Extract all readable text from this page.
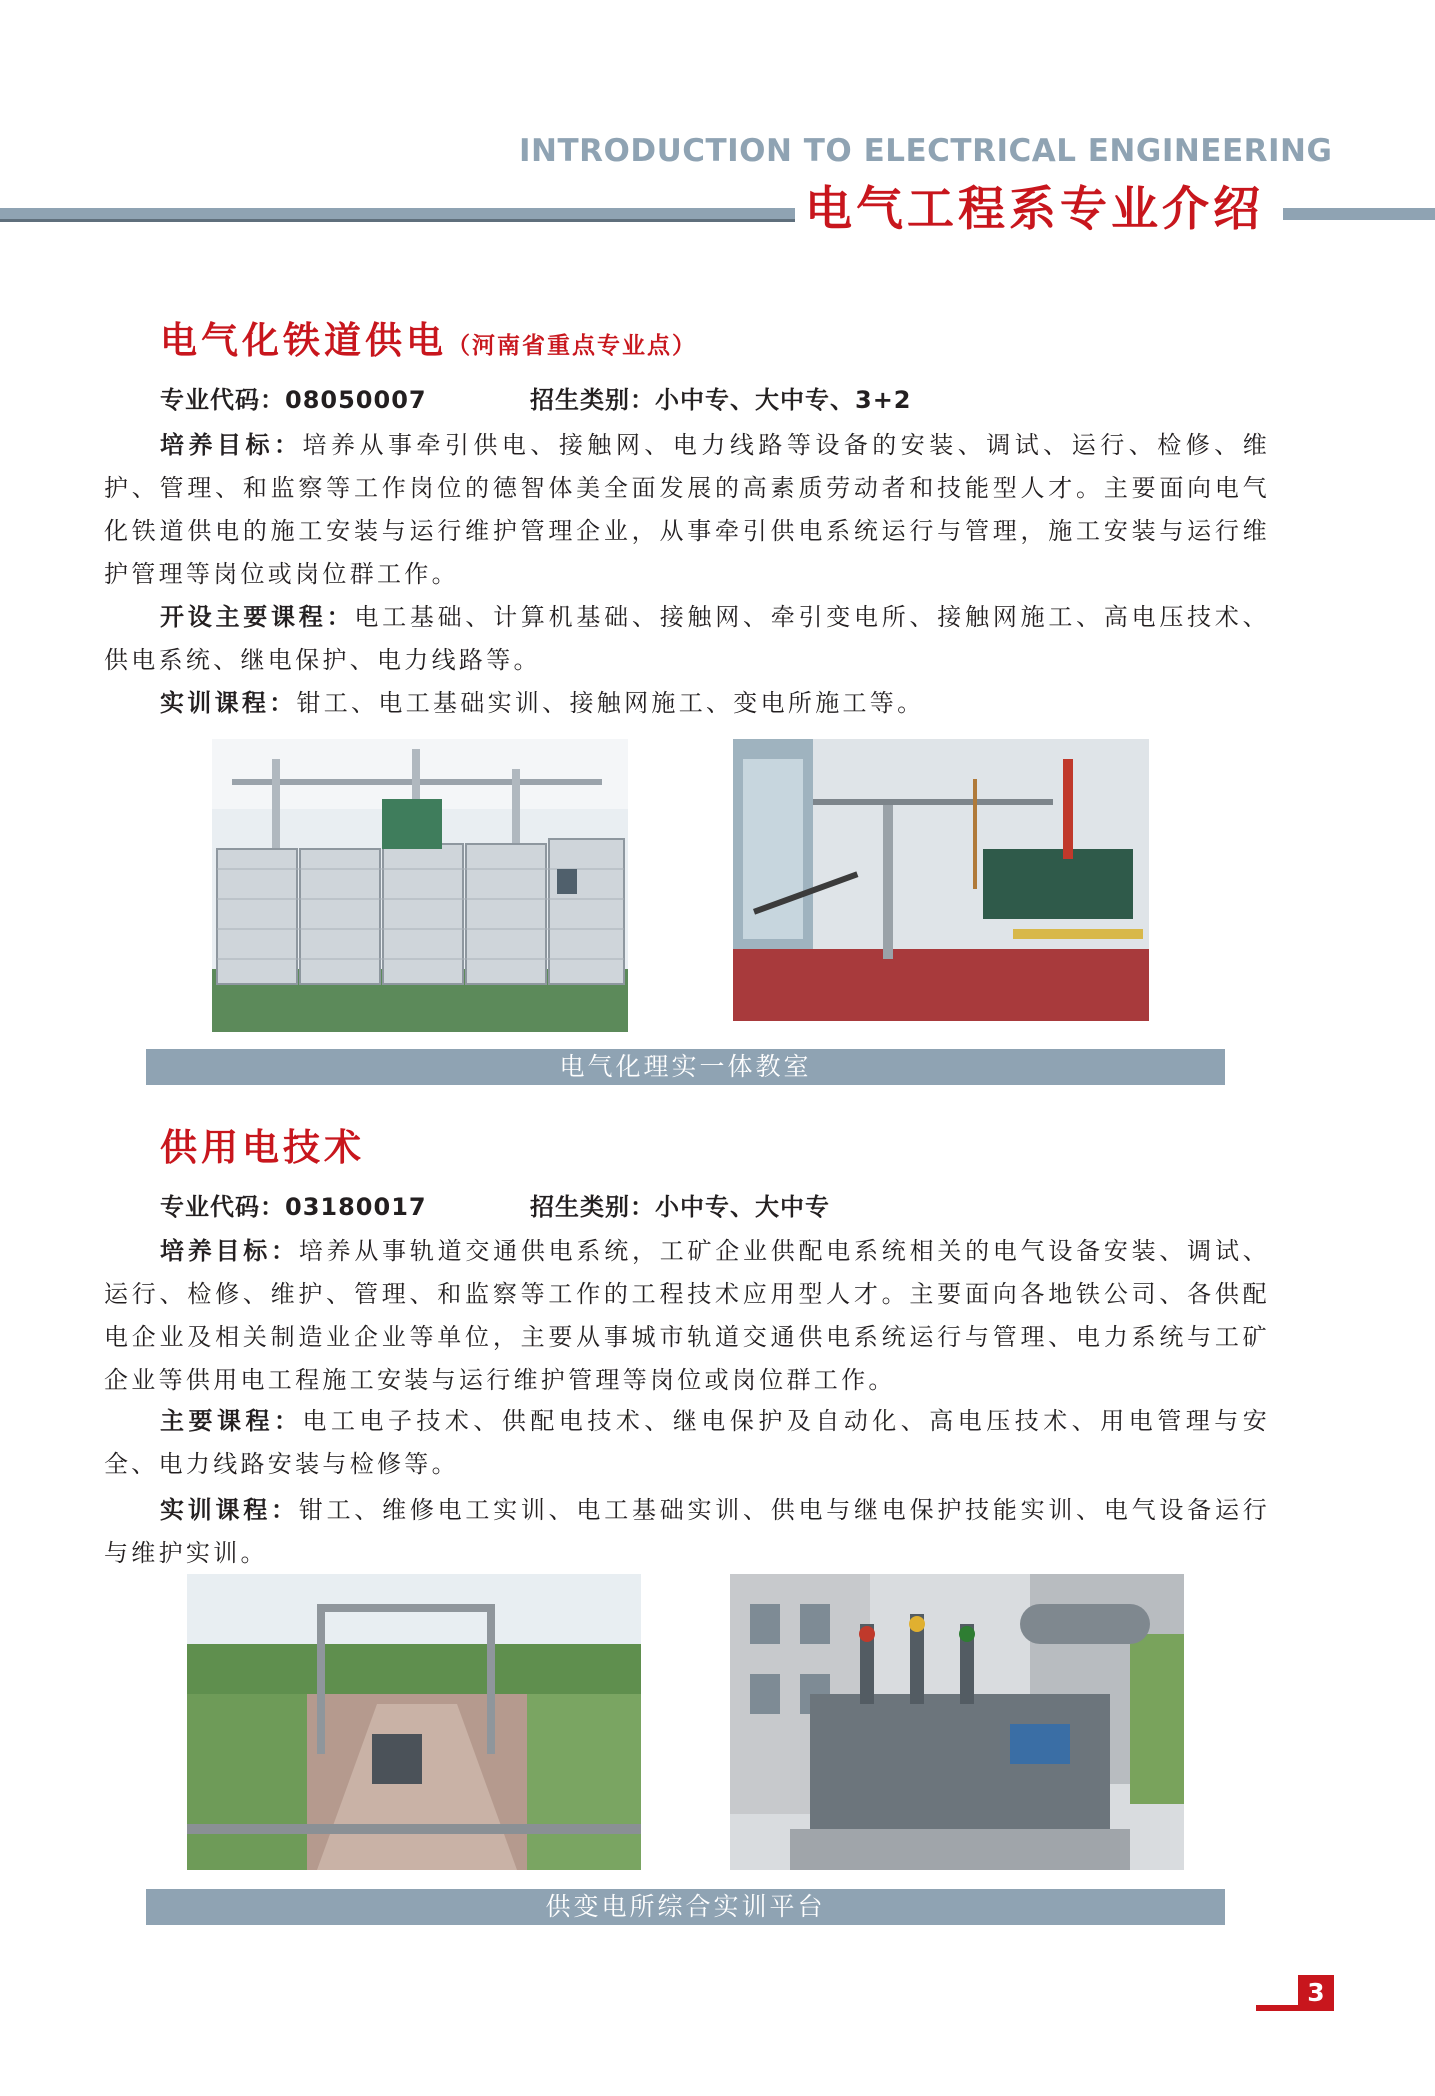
INTRODUCTION TO ELECTRICAL ENGINEERING
电气工程系专业介绍
电气化铁道供电（河南省重点专业点）
专业代码：08050007	招生类别：小中专、大中专、3+2

培养目标：培养从事牵引供电、接触网、电力线路等设备的安装、调试、运行、检修、维护、管理、和监察等工作岗位的德智体美全面发展的高素质劳动者和技能型人才。主要面向电气化铁道供电的施工安装与运行维护管理企业，从事牵引供电系统运行与管理，施工安装与运行维护管理等岗位或岗位群工作。

开设主要课程：电工基础、计算机基础、接触网、牵引变电所、接触网施工、高电压技术、供电系统、继电保护、电力线路等。

实训课程：钳工、电工基础实训、接触网施工、变电所施工等。

电气化理实一体教室
供用电技术
专业代码：03180017	招生类别：小中专、大中专

培养目标：培养从事轨道交通供电系统，工矿企业供配电系统相关的电气设备安装、调试、运行、检修、维护、管理、和监察等工作的工程技术应用型人才。主要面向各地铁公司、各供配电企业及相关制造业企业等单位，主要从事城市轨道交通供电系统运行与管理、电力系统与工矿企业等供用电工程施工安装与运行维护管理等岗位或岗位群工作。

主要课程：电工电子技术、供配电技术、继电保护及自动化、高电压技术、用电管理与安全、电力线路安装与检修等。

实训课程：钳工、维修电工实训、电工基础实训、供电与继电保护技能实训、电气设备运行与维护实训。

供变电所综合实训平台
3
